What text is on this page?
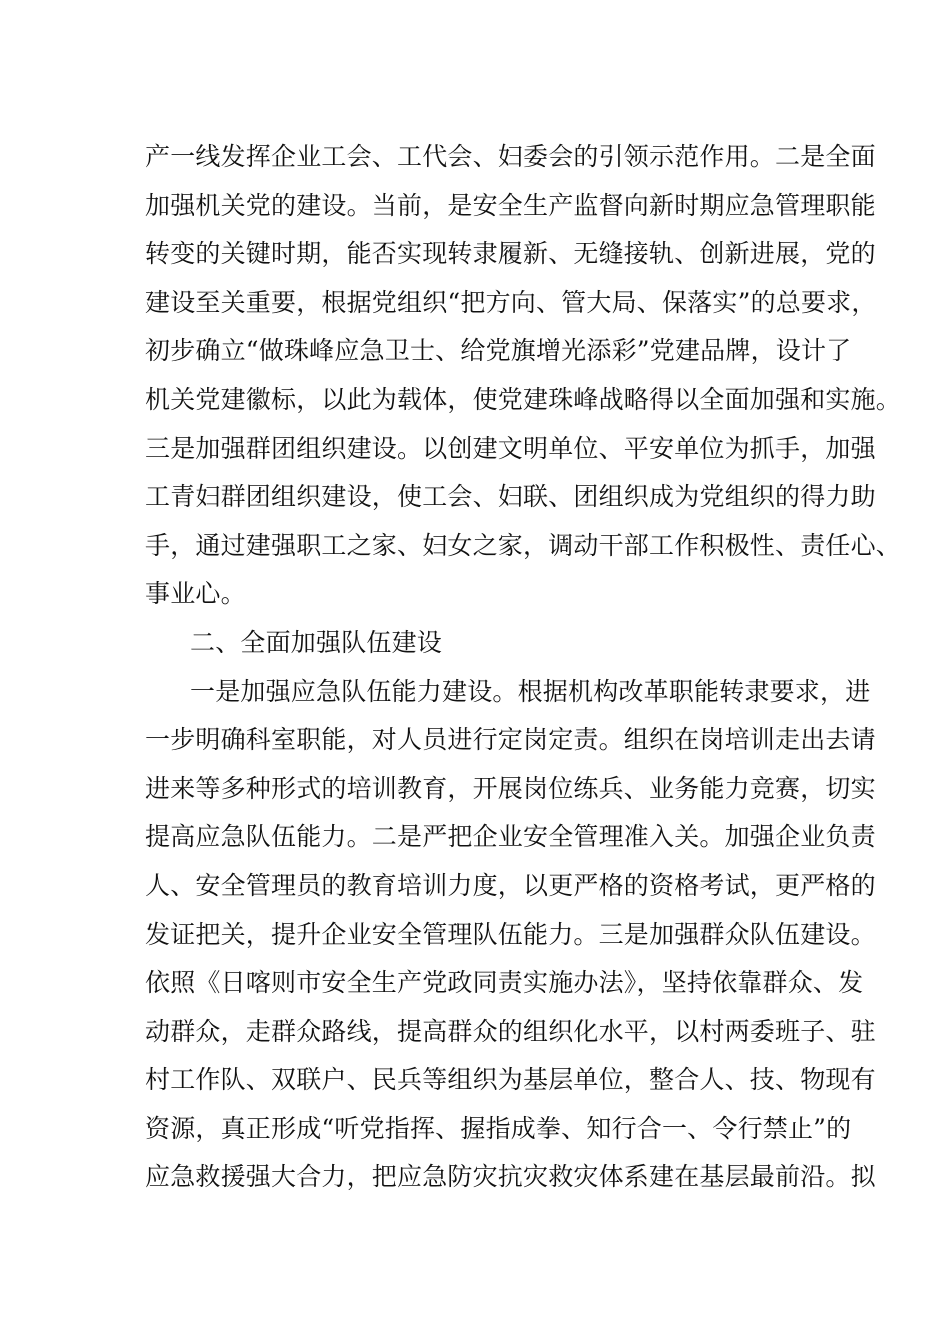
产一线发挥企业工会、工代会、妇委会的引领示范作用。二是全面
加强机关党的建设。当前，是安全生产监督向新时期应急管理职能
转变的关键时期，能否实现转隶履新、无缝接轨、创新进展，党的
建设至关重要，根据党组织“把方向、管大局、保落实”的总要求，
初步确立“做珠峰应急卫士、给党旗增光添彩”党建品牌，设计了
机关党建徽标，以此为载体，使党建珠峰战略得以全面加强和实施。
三是加强群团组织建设。以创建文明单位、平安单位为抓手，加强
工青妇群团组织建设，使工会、妇联、团组织成为党组织的得力助
手，通过建强职工之家、妇女之家，调动干部工作积极性、责任心、
事业心。
二、全面加强队伍建设
一是加强应急队伍能力建设。根据机构改革职能转隶要求，进
一步明确科室职能，对人员进行定岗定责。组织在岗培训走出去请
进来等多种形式的培训教育，开展岗位练兵、业务能力竞赛，切实
提高应急队伍能力。二是严把企业安全管理准入关。加强企业负责
人、安全管理员的教育培训力度，以更严格的资格考试，更严格的
发证把关，提升企业安全管理队伍能力。三是加强群众队伍建设。
依照《日喀则市安全生产党政同责实施办法》，坚持依靠群众、发
动群众，走群众路线，提高群众的组织化水平，以村两委班子、驻
村工作队、双联户、民兵等组织为基层单位，整合人、技、物现有
资源，真正形成“听党指挥、握指成拳、知行合一、令行禁止”的
应急救援强大合力，把应急防灾抗灾救灾体系建在基层最前沿。拟
